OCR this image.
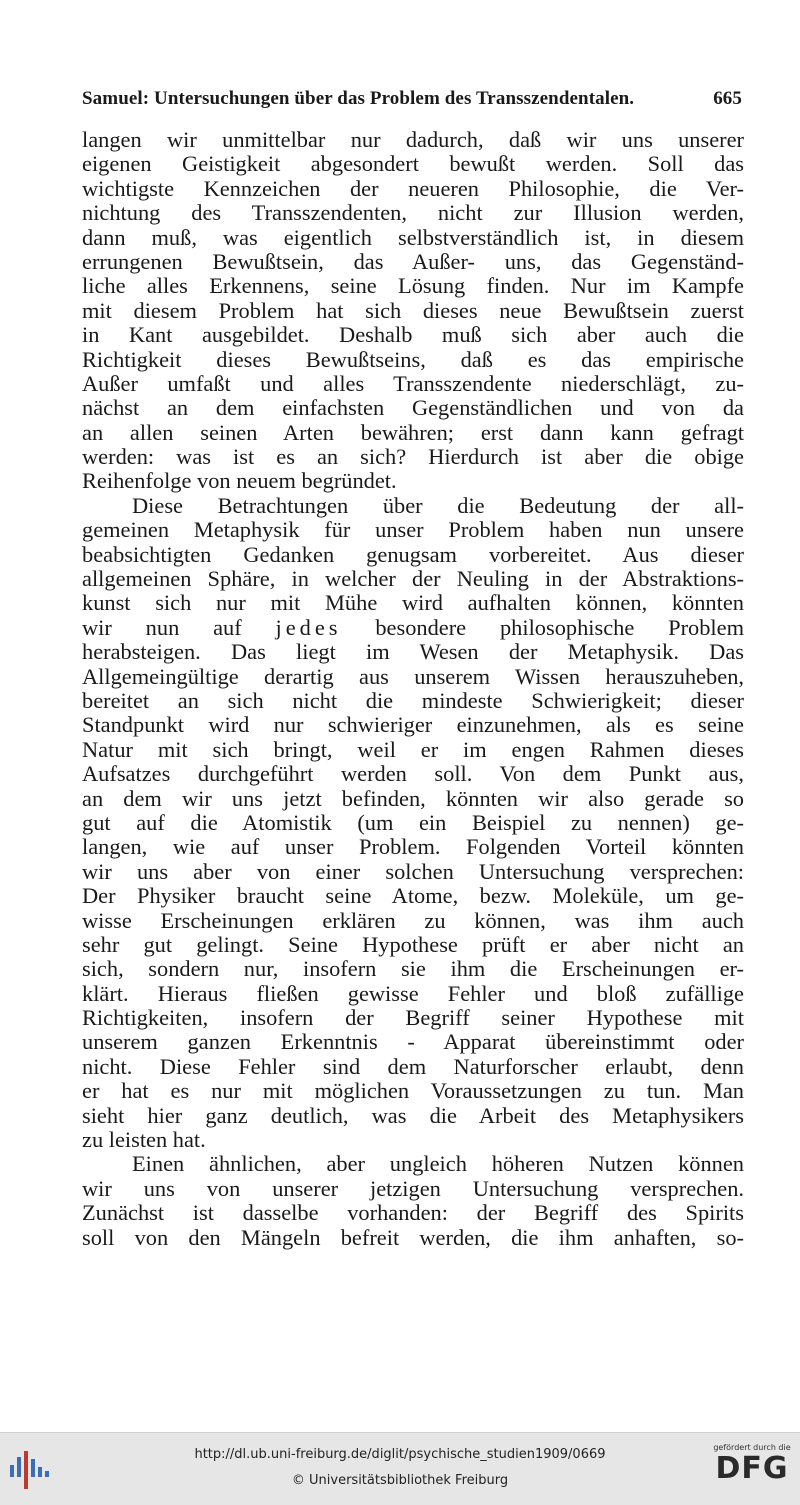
Samuel: Untersuchungen über das Problem des Transszendentalen.	665
langen wir unmittelbar nur dadurch, daß wir uns unserer
eigenen Geistigkeit abgesondert bewußt werden. Soll das
wichtigste Kennzeichen der neueren Philosophie, die Ver-
nichtung des Transszendenten, nicht zur Illusion werden,
dann muß, was eigentlich selbstverständlich ist, in diesem
errungenen Bewußtsein, das Außer- uns, das Gegenständ-
liche alles Erkennens, seine Lösung finden. Nur im Kampfe
mit diesem Problem hat sich dieses neue Bewußtsein zuerst
in Kant ausgebildet. Deshalb muß sich aber auch die
Richtigkeit dieses Bewußtseins, daß es das empirische
Außer umfaßt und alles Transszendente niederschlägt, zu-
nächst an dem einfachsten Gegenständlichen und von da
an allen seinen Arten bewähren; erst dann kann gefragt
werden: was ist es an sich? Hierdurch ist aber die obige
Reihenfolge von neuem begründet.
Diese Betrachtungen über die Bedeutung der all-
gemeinen Metaphysik für unser Problem haben nun unsere
beabsichtigten Gedanken genugsam vorbereitet. Aus dieser
allgemeinen Sphäre, in welcher der Neuling in der Abstraktions-
kunst sich nur mit Mühe wird aufhalten können, könnten
wir nun auf jedes besondere philosophische Problem
herabsteigen. Das liegt im Wesen der Metaphysik. Das
Allgemeingültige derartig aus unserem Wissen herauszuheben,
bereitet an sich nicht die mindeste Schwierigkeit; dieser
Standpunkt wird nur schwieriger einzunehmen, als es seine
Natur mit sich bringt, weil er im engen Rahmen dieses
Aufsatzes durchgeführt werden soll. Von dem Punkt aus,
an dem wir uns jetzt befinden, könnten wir also gerade so
gut auf die Atomistik (um ein Beispiel zu nennen) ge-
langen, wie auf unser Problem. Folgenden Vorteil könnten
wir uns aber von einer solchen Untersuchung versprechen:
Der Physiker braucht seine Atome, bezw. Moleküle, um ge-
wisse Erscheinungen erklären zu können, was ihm auch
sehr gut gelingt. Seine Hypothese prüft er aber nicht an
sich, sondern nur, insofern sie ihm die Erscheinungen er-
klärt. Hieraus fließen gewisse Fehler und bloß zufällige
Richtigkeiten, insofern der Begriff seiner Hypothese mit
unserem ganzen Erkenntnis - Apparat übereinstimmt oder
nicht. Diese Fehler sind dem Naturforscher erlaubt, denn
er hat es nur mit möglichen Voraussetzungen zu tun. Man
sieht hier ganz deutlich, was die Arbeit des Metaphysikers
zu leisten hat.
Einen ähnlichen, aber ungleich höheren Nutzen können
wir uns von unserer jetzigen Untersuchung versprechen.
Zunächst ist dasselbe vorhanden: der Begriff des Spirits
soll von den Mängeln befreit werden, die ihm anhaften, so-
http://dl.ub.uni-freiburg.de/diglit/psychische_studien1909/0669
© Universitätsbibliothek Freiburg
gefördert durch die
DFG
